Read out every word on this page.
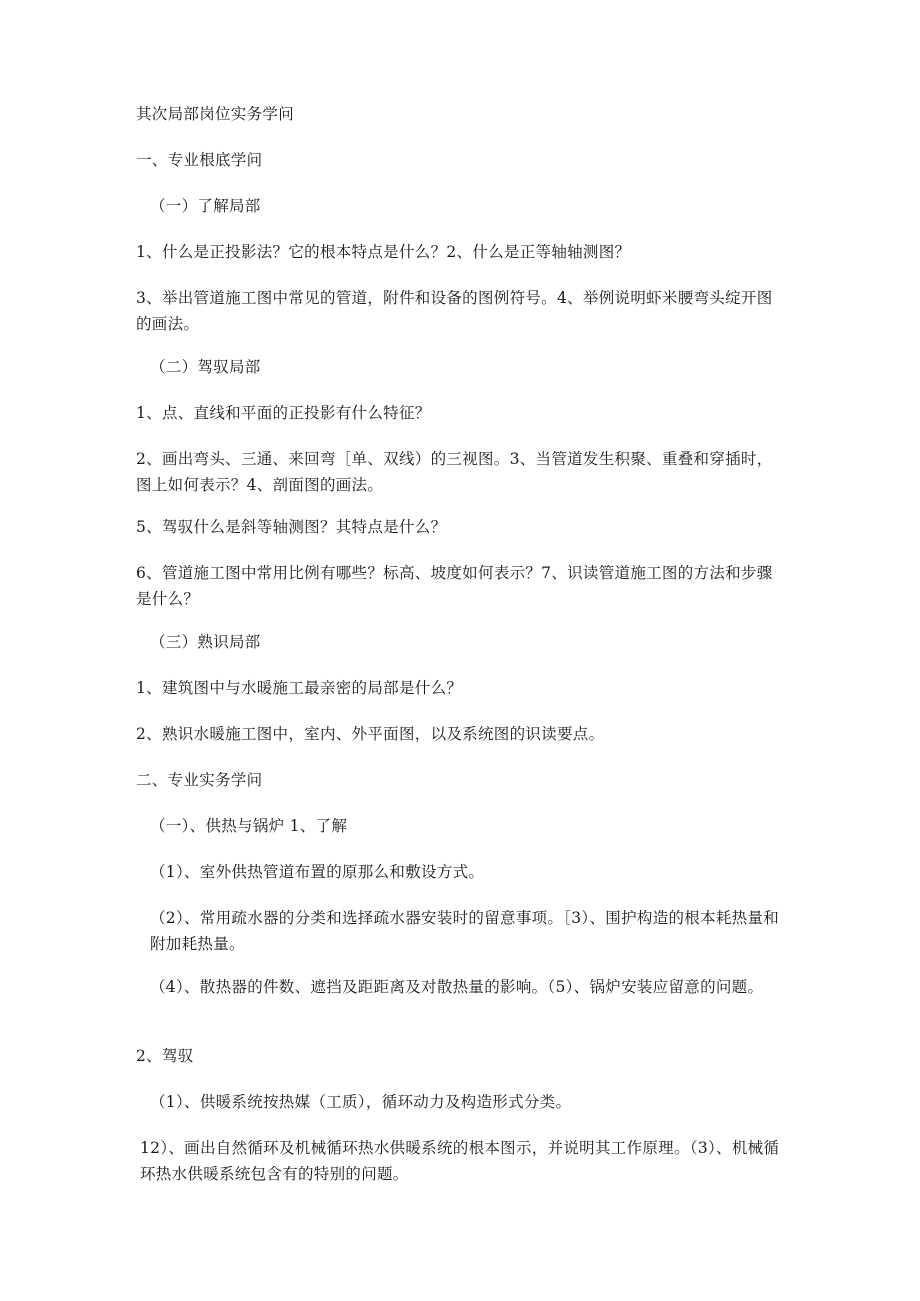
其次局部岗位实务学问
一、专业根底学问
（一）了解局部
1、什么是正投影法？它的根本特点是什么？2、什么是正等轴轴测图？
3、举出管道施工图中常见的管道，附件和设备的图例符号。4、举例说明虾米腰弯头绽开图的画法。
（二）驾驭局部
1、点、直线和平面的正投影有什么特征？
2、画出弯头、三通、来回弯［单、双线）的三视图。3、当管道发生积聚、重叠和穿插时，图上如何表示？4、剖面图的画法。
5、驾驭什么是斜等轴测图？其特点是什么？
6、管道施工图中常用比例有哪些？标高、坡度如何表示？7、识读管道施工图的方法和步骤是什么？
（三）熟识局部
1、建筑图中与水暖施工最亲密的局部是什么？
2、熟识水暖施工图中，室内、外平面图，以及系统图的识读要点。
二、专业实务学问
（一）、供热与锅炉 1、了解
（1）、室外供热管道布置的原那么和敷设方式。
（2）、常用疏水器的分类和选择疏水器安装时的留意事项。［3）、围护构造的根本耗热量和附加耗热量。
（4）、散热器的件数、遮挡及距距离及对散热量的影响。（5）、锅炉安装应留意的问题。
2、驾驭
（1）、供暖系统按热媒（工质），循环动力及构造形式分类。
12）、画出自然循环及机械循环热水供暖系统的根本图示，并说明其工作原理。（3）、机械循环热水供暖系统包含有的特别的问题。
